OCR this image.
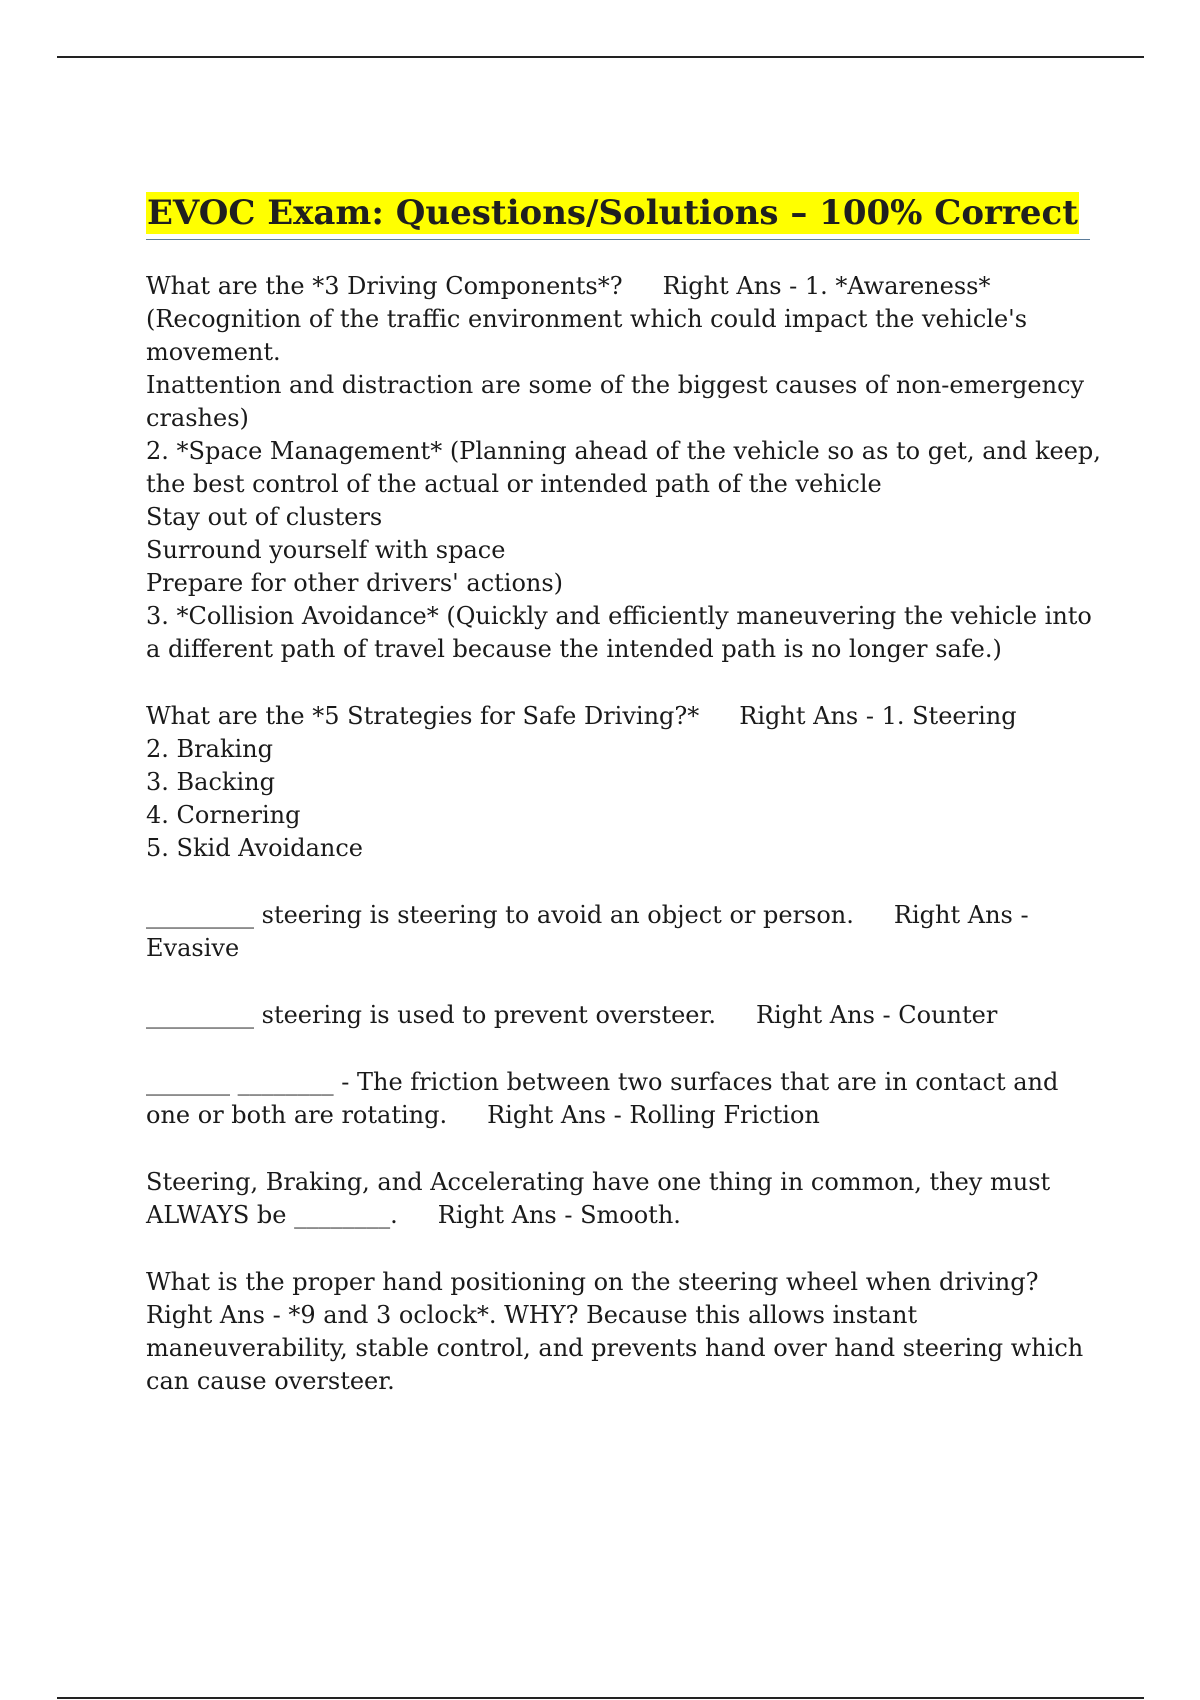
EVOC Exam: Questions/Solutions – 100% Correct
What are the *3 Driving Components*? Right Ans - 1. *Awareness*
(Recognition of the traffic environment which could impact the vehicle's
movement.
Inattention and distraction are some of the biggest causes of non-emergency
crashes)
2. *Space Management* (Planning ahead of the vehicle so as to get, and keep,
the best control of the actual or intended path of the vehicle
Stay out of clusters
Surround yourself with space
Prepare for other drivers' actions)
3. *Collision Avoidance* (Quickly and efficiently maneuvering the vehicle into
a different path of travel because the intended path is no longer safe.)
What are the *5 Strategies for Safe Driving?* Right Ans - 1. Steering
2. Braking
3. Backing
4. Cornering
5. Skid Avoidance
_________ steering is steering to avoid an object or person. Right Ans -
Evasive
_________ steering is used to prevent oversteer. Right Ans - Counter
_______ ________ - The friction between two surfaces that are in contact and
one or both are rotating. Right Ans - Rolling Friction
Steering, Braking, and Accelerating have one thing in common, they must
ALWAYS be ________. Right Ans - Smooth.
What is the proper hand positioning on the steering wheel when driving?
Right Ans - *9 and 3 oclock*. WHY? Because this allows instant
maneuverability, stable control, and prevents hand over hand steering which
can cause oversteer.
